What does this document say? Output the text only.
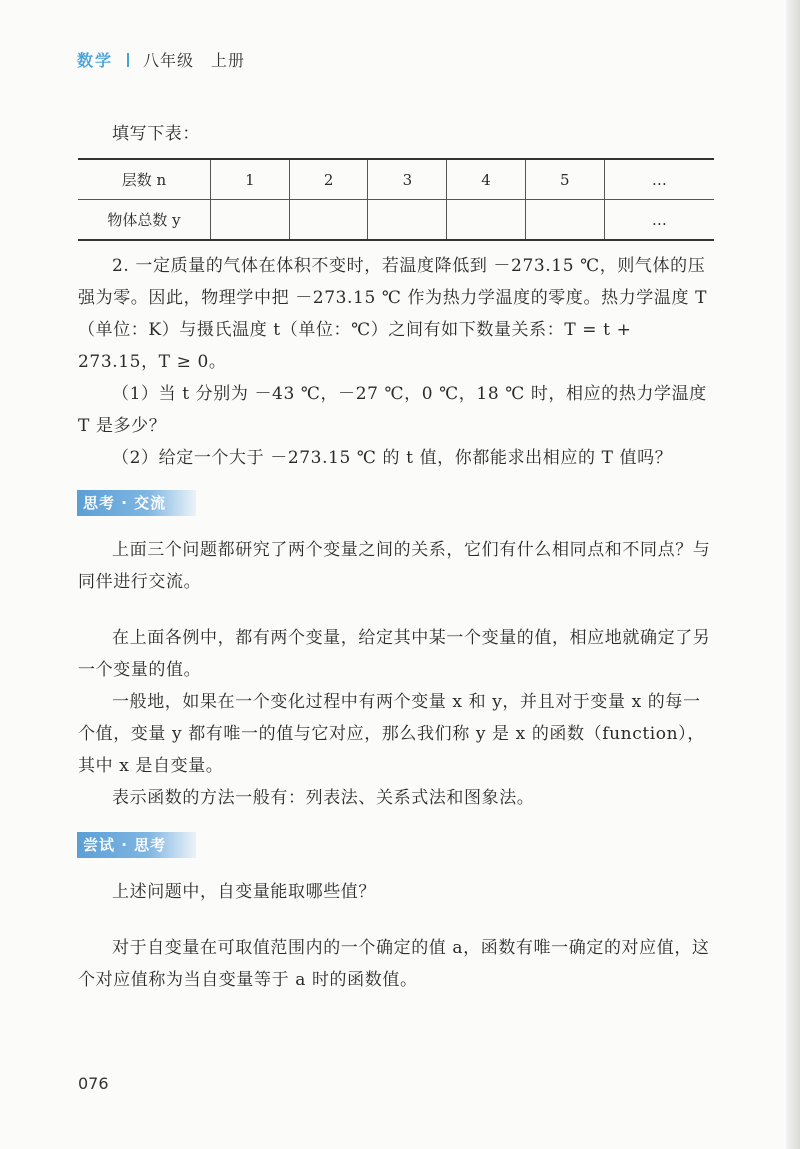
数学 八年级　上册
填写下表：
层数 n	1	2	3	4	5	…
物体总数 y						…
2. 一定质量的气体在体积不变时，若温度降低到 －273.15 ℃，则气体的压强为零。因此，物理学中把 －273.15 ℃ 作为热力学温度的零度。热力学温度 T（单位：K）与摄氏温度 t（单位：℃）之间有如下数量关系：T = t + 273.15，T ≥ 0。
（1）当 t 分别为 －43 ℃，－27 ℃，0 ℃，18 ℃ 时，相应的热力学温度 T 是多少？
（2）给定一个大于 －273.15 ℃ 的 t 值，你都能求出相应的 T 值吗？
思考 · 交流
上面三个问题都研究了两个变量之间的关系，它们有什么相同点和不同点？与同伴进行交流。
在上面各例中，都有两个变量，给定其中某一个变量的值，相应地就确定了另一个变量的值。
一般地，如果在一个变化过程中有两个变量 x 和 y，并且对于变量 x 的每一个值，变量 y 都有唯一的值与它对应，那么我们称 y 是 x 的函数（function），其中 x 是自变量。
表示函数的方法一般有：列表法、关系式法和图象法。
尝试 · 思考
上述问题中，自变量能取哪些值？
对于自变量在可取值范围内的一个确定的值 a，函数有唯一确定的对应值，这个对应值称为当自变量等于 a 时的函数值。
076
